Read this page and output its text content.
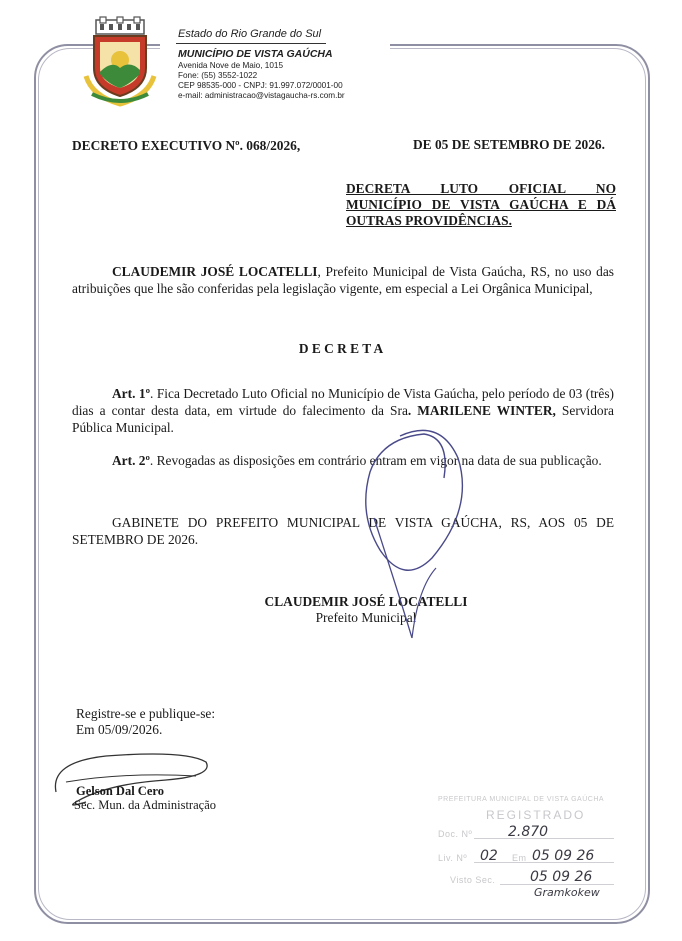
Estado do Rio Grande do Sul
MUNICÍPIO DE VISTA GAÚCHA
Avenida Nove de Maio, 1015
Fone: (55) 3552-1022
CEP 98535-000 - CNPJ: 91.997.072/0001-00
e-mail: administracao@vistagaucha-rs.com.br
DECRETO EXECUTIVO Nº. 068/2026,	DE 05 DE SETEMBRO DE 2026.
DECRETA LUTO OFICIAL NO
MUNICÍPIO DE VISTA GAÚCHA E DÁ
OUTRAS PROVIDÊNCIAS.
CLAUDEMIR JOSÉ LOCATELLI, Prefeito Municipal de Vista Gaúcha, RS, no uso das atribuições que lhe são conferidas pela legislação vigente, em especial a Lei Orgânica Municipal,
D E C R E T A
Art. 1º. Fica Decretado Luto Oficial no Município de Vista Gaúcha, pelo período de 03 (três) dias a contar desta data, em virtude do falecimento da Sra. MARILENE WINTER, Servidora Pública Municipal.
Art. 2º. Revogadas as disposições em contrário entram em vigor na data de sua publicação.
GABINETE DO PREFEITO MUNICIPAL DE VISTA GAÚCHA, RS, AOS 05 DE SETEMBRO DE 2026.
CLAUDEMIR JOSÉ LOCATELLI
Prefeito Municipal
Registre-se e publique-se:
Em 05/09/2026.
Gelson Dal Cero
Sec. Mun. da Administração	PREFEITURA MUNICIPAL DE VISTA GAÚCHA
REGISTRADO
Doc. Nº	2.870
Liv. Nº 02 Em 05 09 26
Visto Sec. 05 09 26
Gramkokew
